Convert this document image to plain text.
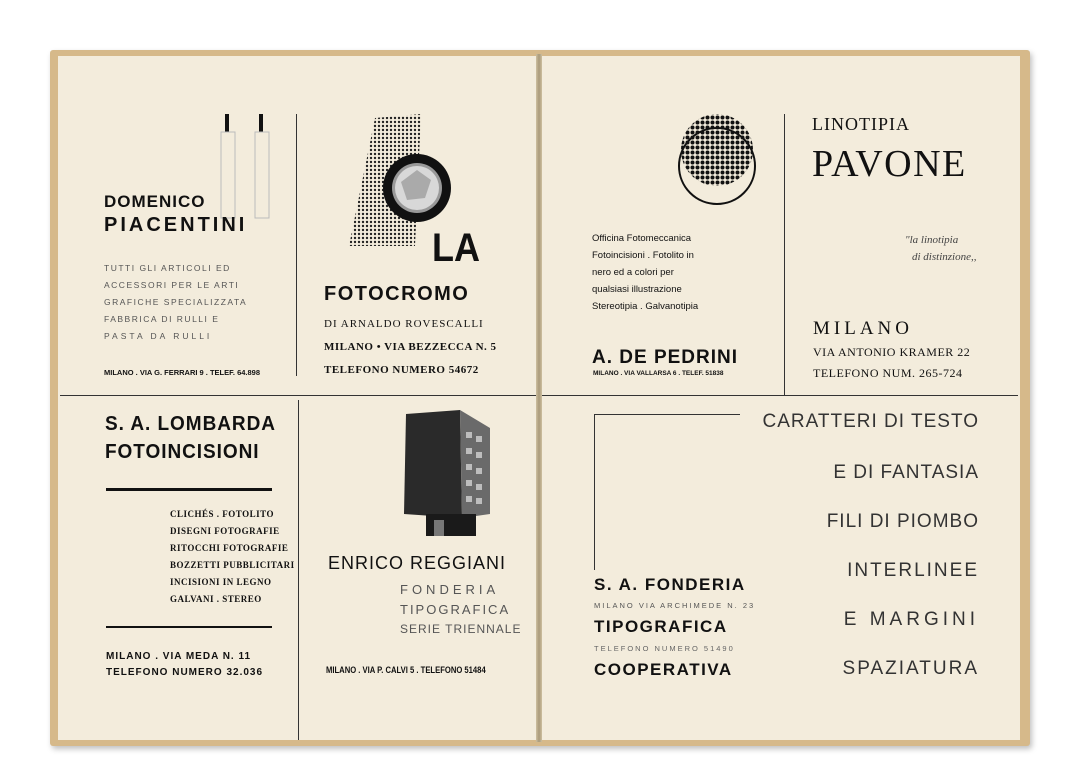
DOMENICO
PIACENTINI
TUTTI GLI ARTICOLI ED
ACCESSORI PER LE ARTI
GRAFICHE SPECIALIZZATA
FABBRICA DI RULLI E
PASTA DA RULLI
MILANO . VIA G. FERRARI 9 . TELEF. 64.898
LA
FOTOCROMO
DI ARNALDO ROVESCALLI
MILANO • VIA BEZZECCA N. 5
TELEFONO NUMERO 54672
Officina Fotomeccanica
Fotoincisioni . Fotolito in
nero ed a colori per
qualsiasi illustrazione
Stereotipia . Galvanotipia
A. DE PEDRINI
MILANO . VIA VALLARSA 6 . TELEF. 51838
LINOTIPIA
PAVONE
"la linotipia
di distinzione,,
MILANO
VIA ANTONIO KRAMER 22
TELEFONO NUM. 265-724
S. A. LOMBARDA
FOTOINCISIONI
CLICHÉS . FOTOLITO
DISEGNI FOTOGRAFIE
RITOCCHI FOTOGRAFIE
BOZZETTI PUBBLICITARI
INCISIONI IN LEGNO
GALVANI . STEREO
MILANO . VIA MEDA N. 11
TELEFONO NUMERO 32.036
ENRICO REGGIANI
FONDERIA
TIPOGRAFICA
SERIE TRIENNALE
MILANO . VIA P. CALVI 5 . TELEFONO 51484
S. A. FONDERIA
MILANO VIA ARCHIMEDE N. 23
TIPOGRAFICA
TELEFONO NUMERO 51490
COOPERATIVA
CARATTERI DI TESTO
E DI FANTASIA
FILI DI PIOMBO
INTERLINEE
E MARGINI
SPAZIATURA
